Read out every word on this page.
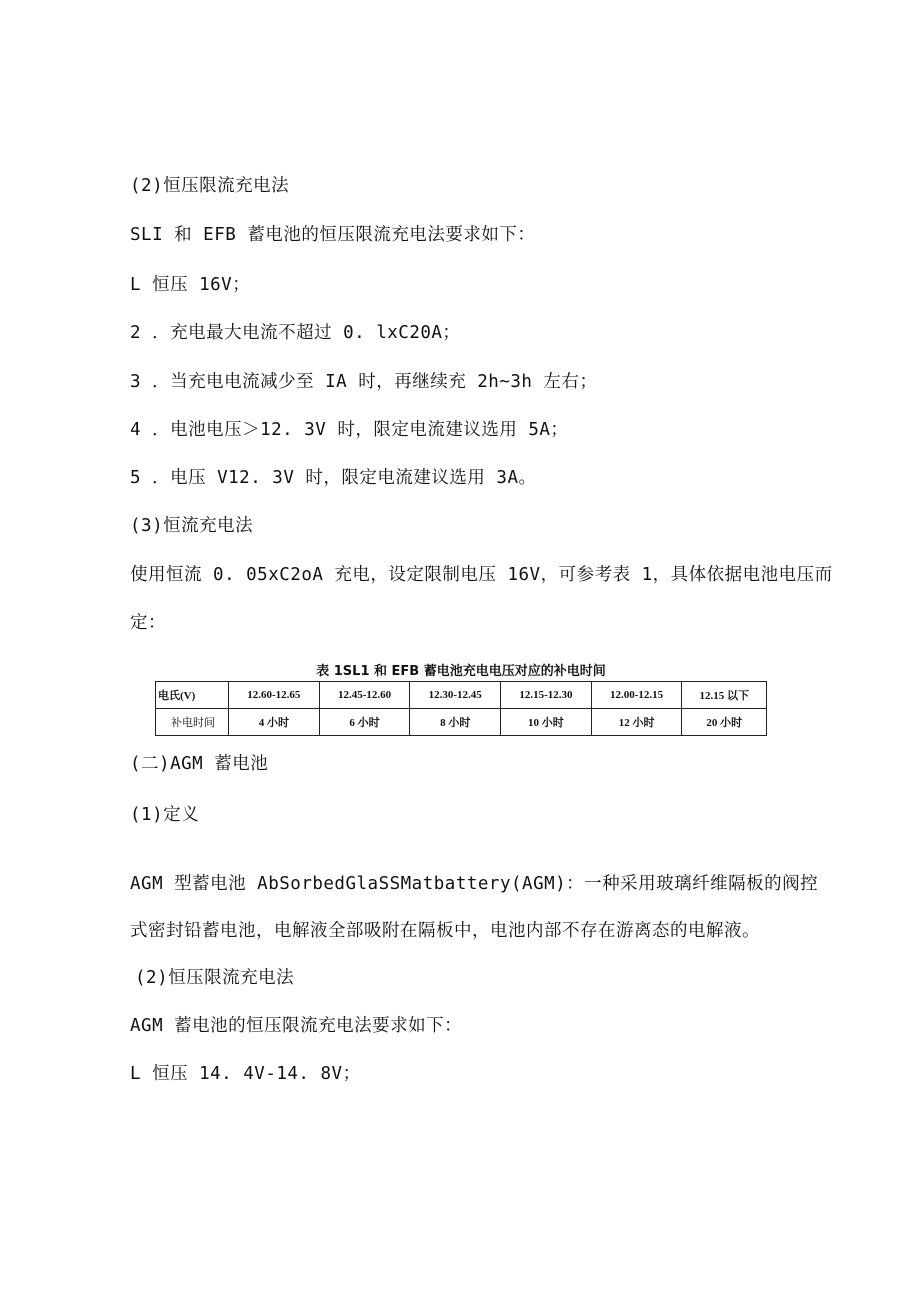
(2)恒压限流充电法
SLI 和 EFB 蓄电池的恒压限流充电法要求如下：
L 恒压 16V；
2 ．充电最大电流不超过 0. lxC20A；
3 ．当充电电流减少至 IA 时，再继续充 2h~3h 左右；
4 ．电池电压＞12. 3V 时，限定电流建议选用 5A；
5 ．电压 V12. 3V 时，限定电流建议选用 3A。
(3)恒流充电法
使用恒流 0. 05xC2oA 充电，设定限制电压 16V，可参考表 1，具体依据电池电压而
定：
表 1SL1 和 EFB 蓄电池充电电压对应的补电时间
电氏(V)	12.60-12.65	12.45-12.60	12.30-12.45	12.15-12.30	12.00-12.15	12.15 以下
补电时间	4 小时	6 小时	8 小时	10 小时	12 小时	20 小时
(二)AGM 蓄电池
(1)定义
AGM 型蓄电池 AbSorbedGlaSSMatbattery(AGM)：一种采用玻璃纤维隔板的阀控
式密封铅蓄电池，电解液全部吸附在隔板中，电池内部不存在游离态的电解液。
(2)恒压限流充电法
AGM 蓄电池的恒压限流充电法要求如下：
L 恒压 14. 4V-14. 8V；
